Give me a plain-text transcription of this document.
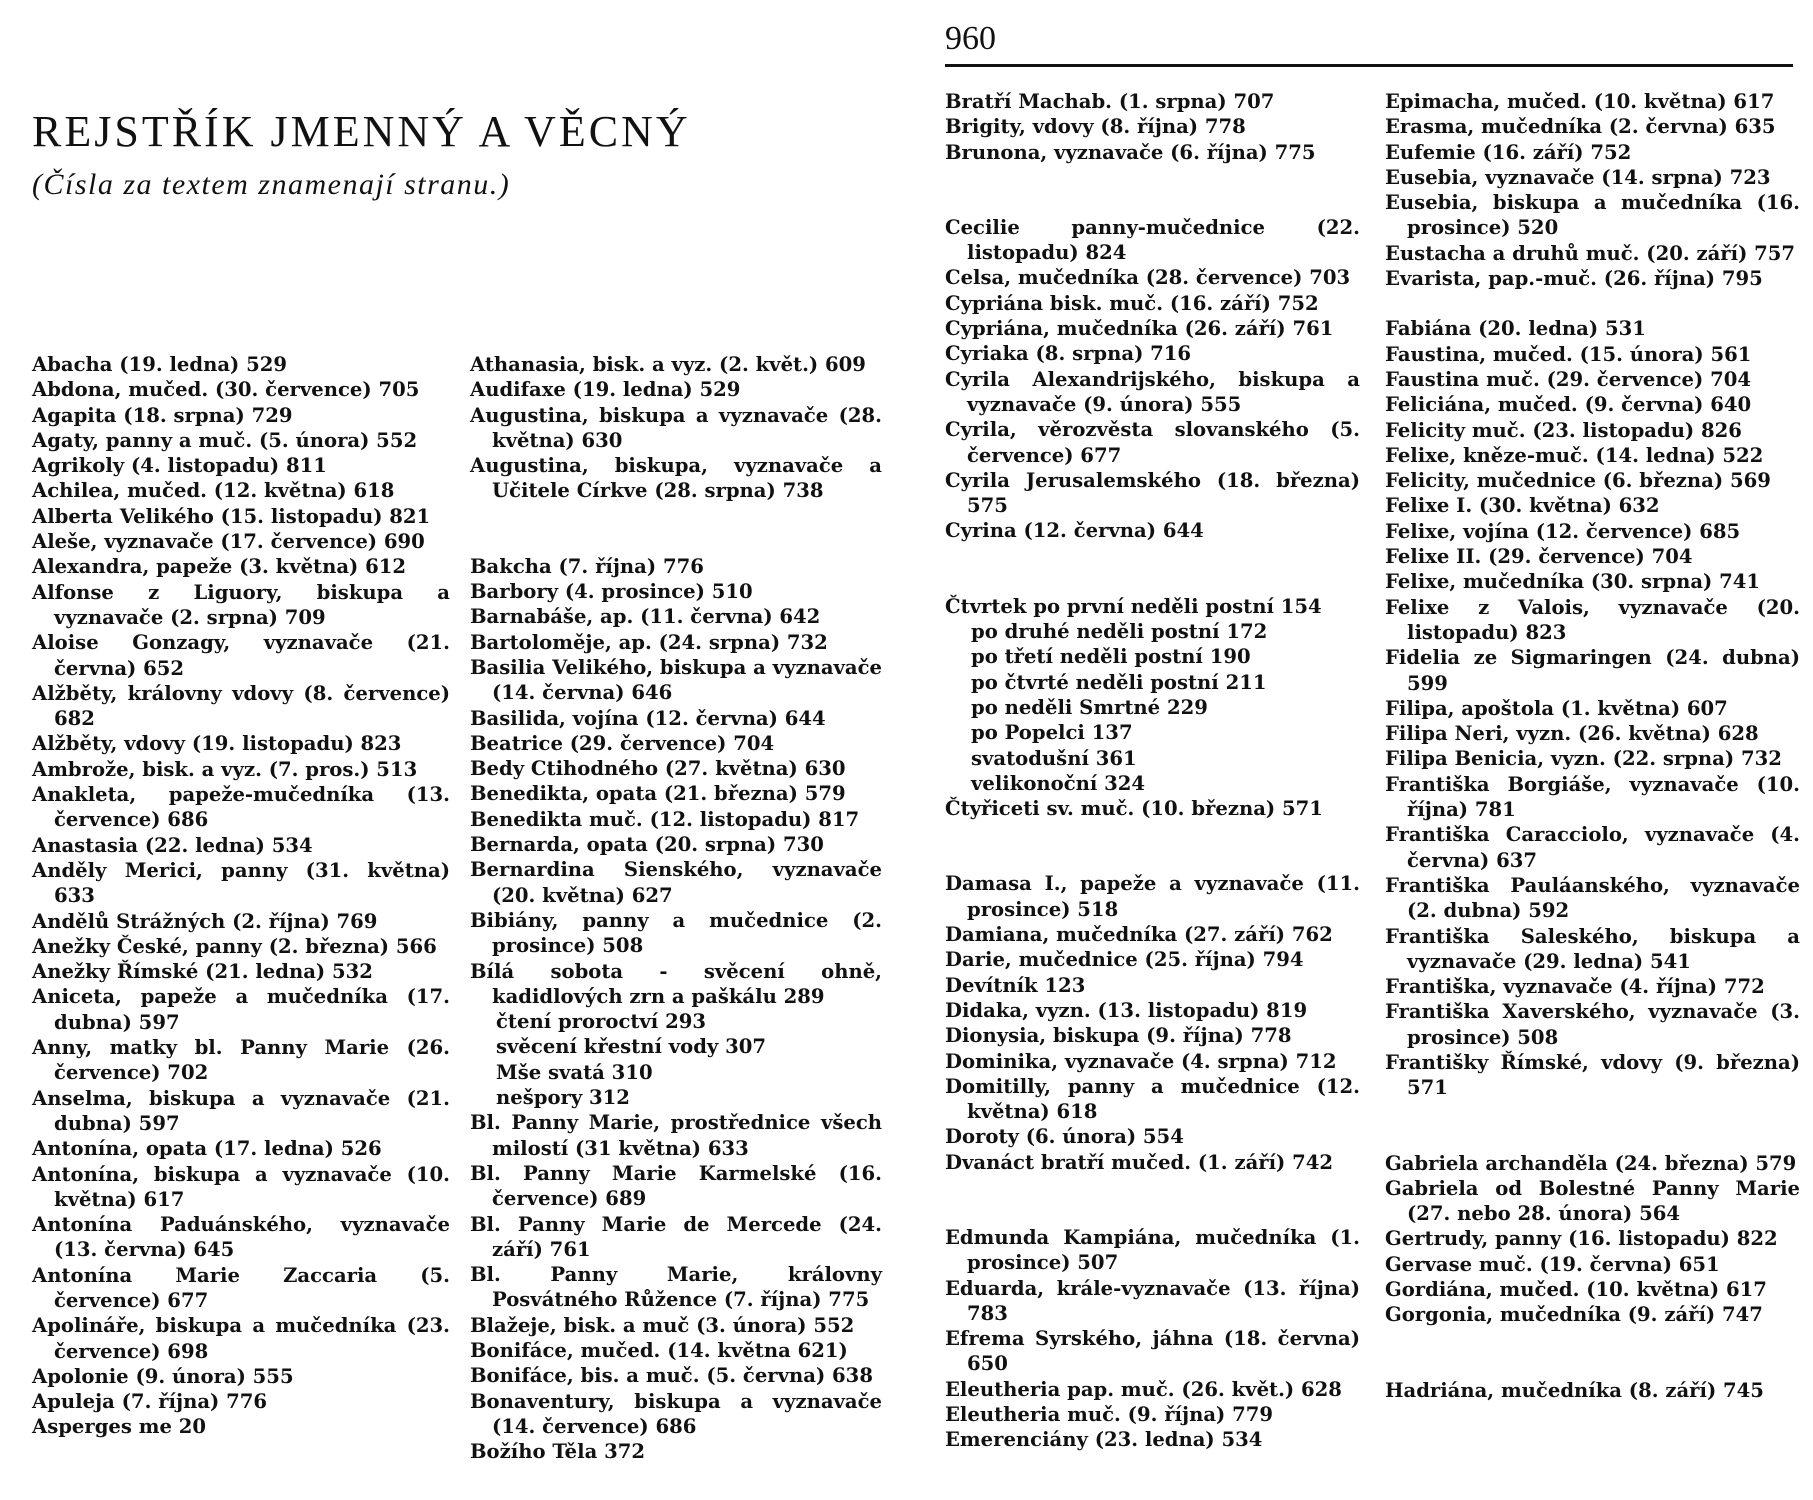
REJSTŘÍK JMENNÝ A VĚCNÝ

(Čísla za textem znamenají stranu.)

Abacha (19. ledna) 529
Abdona, mučed. (30. července) 705
Agapita (18. srpna) 729
Agaty, panny a muč. (5. února) 552
Agrikoly (4. listopadu) 811
Achilea, mučed. (12. května) 618
Alberta Velikého (15. listopadu) 821
Aleše, vyznavače (17. července) 690
Alexandra, papeže (3. května) 612
Alfonse z Liguory, biskupa a vyznavače (2. srpna) 709
Aloise Gonzagy, vyznavače (21. června) 652
Alžběty, královny vdovy (8. července) 682
Alžběty, vdovy (19. listopadu) 823
Ambrože, bisk. a vyz. (7. pros.) 513
Anakleta, papeže-mučedníka (13. července) 686
Anastasia (22. ledna) 534
Anděly Merici, panny (31. května) 633
Andělů Strážných (2. října) 769
Anežky České, panny (2. března) 566
Anežky Římské (21. ledna) 532
Aniceta, papeže a mučedníka (17. dubna) 597
Anny, matky bl. Panny Marie (26. července) 702
Anselma, biskupa a vyznavače (21. dubna) 597
Antonína, opata (17. ledna) 526
Antonína, biskupa a vyznavače (10. května) 617
Antonína Paduánského, vyznavače (13. června) 645
Antonína Marie Zaccaria (5. července) 677
Apolináře, biskupa a mučedníka (23. července) 698
Apolonie (9. února) 555
Apuleja (7. října) 776
Asperges me 20
Athanasia, bisk. a vyz. (2. květ.) 609
Audifaxe (19. ledna) 529
Augustina, biskupa a vyznavače (28. května) 630
Augustina, biskupa, vyznavače a Učitele Církve (28. srpna) 738
Bakcha (7. října) 776
Barbory (4. prosince) 510
Barnabáše, ap. (11. června) 642
Bartoloměje, ap. (24. srpna) 732
Basilia Velikého, biskupa a vyznavače (14. června) 646
Basilida, vojína (12. června) 644
Beatrice (29. července) 704
Bedy Ctihodného (27. května) 630
Benedikta, opata (21. března) 579
Benedikta muč. (12. listopadu) 817
Bernarda, opata (20. srpna) 730
Bernardina Sienského, vyznavače (20. května) 627
Bibiány, panny a mučednice (2. prosince) 508
Bílá sobota - svěcení ohně, kadidlových zrn a paškálu 289
čtení proroctví 293
svěcení křestní vody 307
Mše svatá 310
nešpory 312
Bl. Panny Marie, prostřednice všech milostí (31 května) 633
Bl. Panny Marie Karmelské (16. července) 689
Bl. Panny Marie de Mercede (24. září) 761
Bl. Panny Marie, královny Posvátného Růžence (7. října) 775
Blažeje, bisk. a muč (3. února) 552
Bonifáce, mučed. (14. května 621)
Bonifáce, bis. a muč. (5. června) 638
Bonaventury, biskupa a vyznavače (14. července) 686
Božího Těla 372
960
Bratří Machab. (1. srpna) 707
Brigity, vdovy (8. října) 778
Brunona, vyznavače (6. října) 775
Cecilie panny-mučednice (22. listopadu) 824
Celsa, mučedníka (28. července) 703
Cypriána bisk. muč. (16. září) 752
Cypriána, mučedníka (26. září) 761
Cyriaka (8. srpna) 716
Cyrila Alexandrijského, biskupa a vyznavače (9. února) 555
Cyrila, věrozvěsta slovanského (5. července) 677
Cyrila Jerusalemského (18. března) 575
Cyrina (12. června) 644
Čtvrtek po první neděli postní 154
po druhé neděli postní 172
po třetí neděli postní 190
po čtvrté neděli postní 211
po neděli Smrtné 229
po Popelci 137
svatodušní 361
velikonoční 324
Čtyřiceti sv. muč. (10. března) 571
Damasa I., papeže a vyznavače (11. prosince) 518
Damiana, mučedníka (27. září) 762
Darie, mučednice (25. října) 794
Devítník 123
Didaka, vyzn. (13. listopadu) 819
Dionysia, biskupa (9. října) 778
Dominika, vyznavače (4. srpna) 712
Domitilly, panny a mučednice (12. května) 618
Doroty (6. února) 554
Dvanáct bratří mučed. (1. září) 742
Edmunda Kampiána, mučedníka (1. prosince) 507
Eduarda, krále-vyznavače (13. října) 783
Efrema Syrského, jáhna (18. června) 650
Eleutheria pap. muč. (26. květ.) 628
Eleutheria muč. (9. října) 779
Emerenciány (23. ledna) 534
Epimacha, mučed. (10. května) 617
Erasma, mučedníka (2. června) 635
Eufemie (16. září) 752
Eusebia, vyznavače (14. srpna) 723
Eusebia, biskupa a mučedníka (16. prosince) 520
Eustacha a druhů muč. (20. září) 757
Evarista, pap.-muč. (26. října) 795
Fabiána (20. ledna) 531
Faustina, mučed. (15. února) 561
Faustina muč. (29. července) 704
Feliciána, mučed. (9. června) 640
Felicity muč. (23. listopadu) 826
Felixe, kněze-muč. (14. ledna) 522
Felicity, mučednice (6. března) 569
Felixe I. (30. května) 632
Felixe, vojína (12. července) 685
Felixe II. (29. července) 704
Felixe, mučedníka (30. srpna) 741
Felixe z Valois, vyznavače (20. listopadu) 823
Fidelia ze Sigmaringen (24. dubna) 599
Filipa, apoštola (1. května) 607
Filipa Neri, vyzn. (26. května) 628
Filipa Benicia, vyzn. (22. srpna) 732
Františka Borgiáše, vyznavače (10. října) 781
Františka Caracciolo, vyznavače (4. června) 637
Františka Pauláanského, vyznavače (2. dubna) 592
Františka Saleského, biskupa a vyznavače (29. ledna) 541
Františka, vyznavače (4. října) 772
Františka Xaverského, vyznavače (3. prosince) 508
Františky Římské, vdovy (9. března) 571
Gabriela archanděla (24. března) 579
Gabriela od Bolestné Panny Marie (27. nebo 28. února) 564
Gertrudy, panny (16. listopadu) 822
Gervase muč. (19. června) 651
Gordiána, mučed. (10. května) 617
Gorgonia, mučedníka (9. září) 747
Hadriána, mučedníka (8. září) 745
